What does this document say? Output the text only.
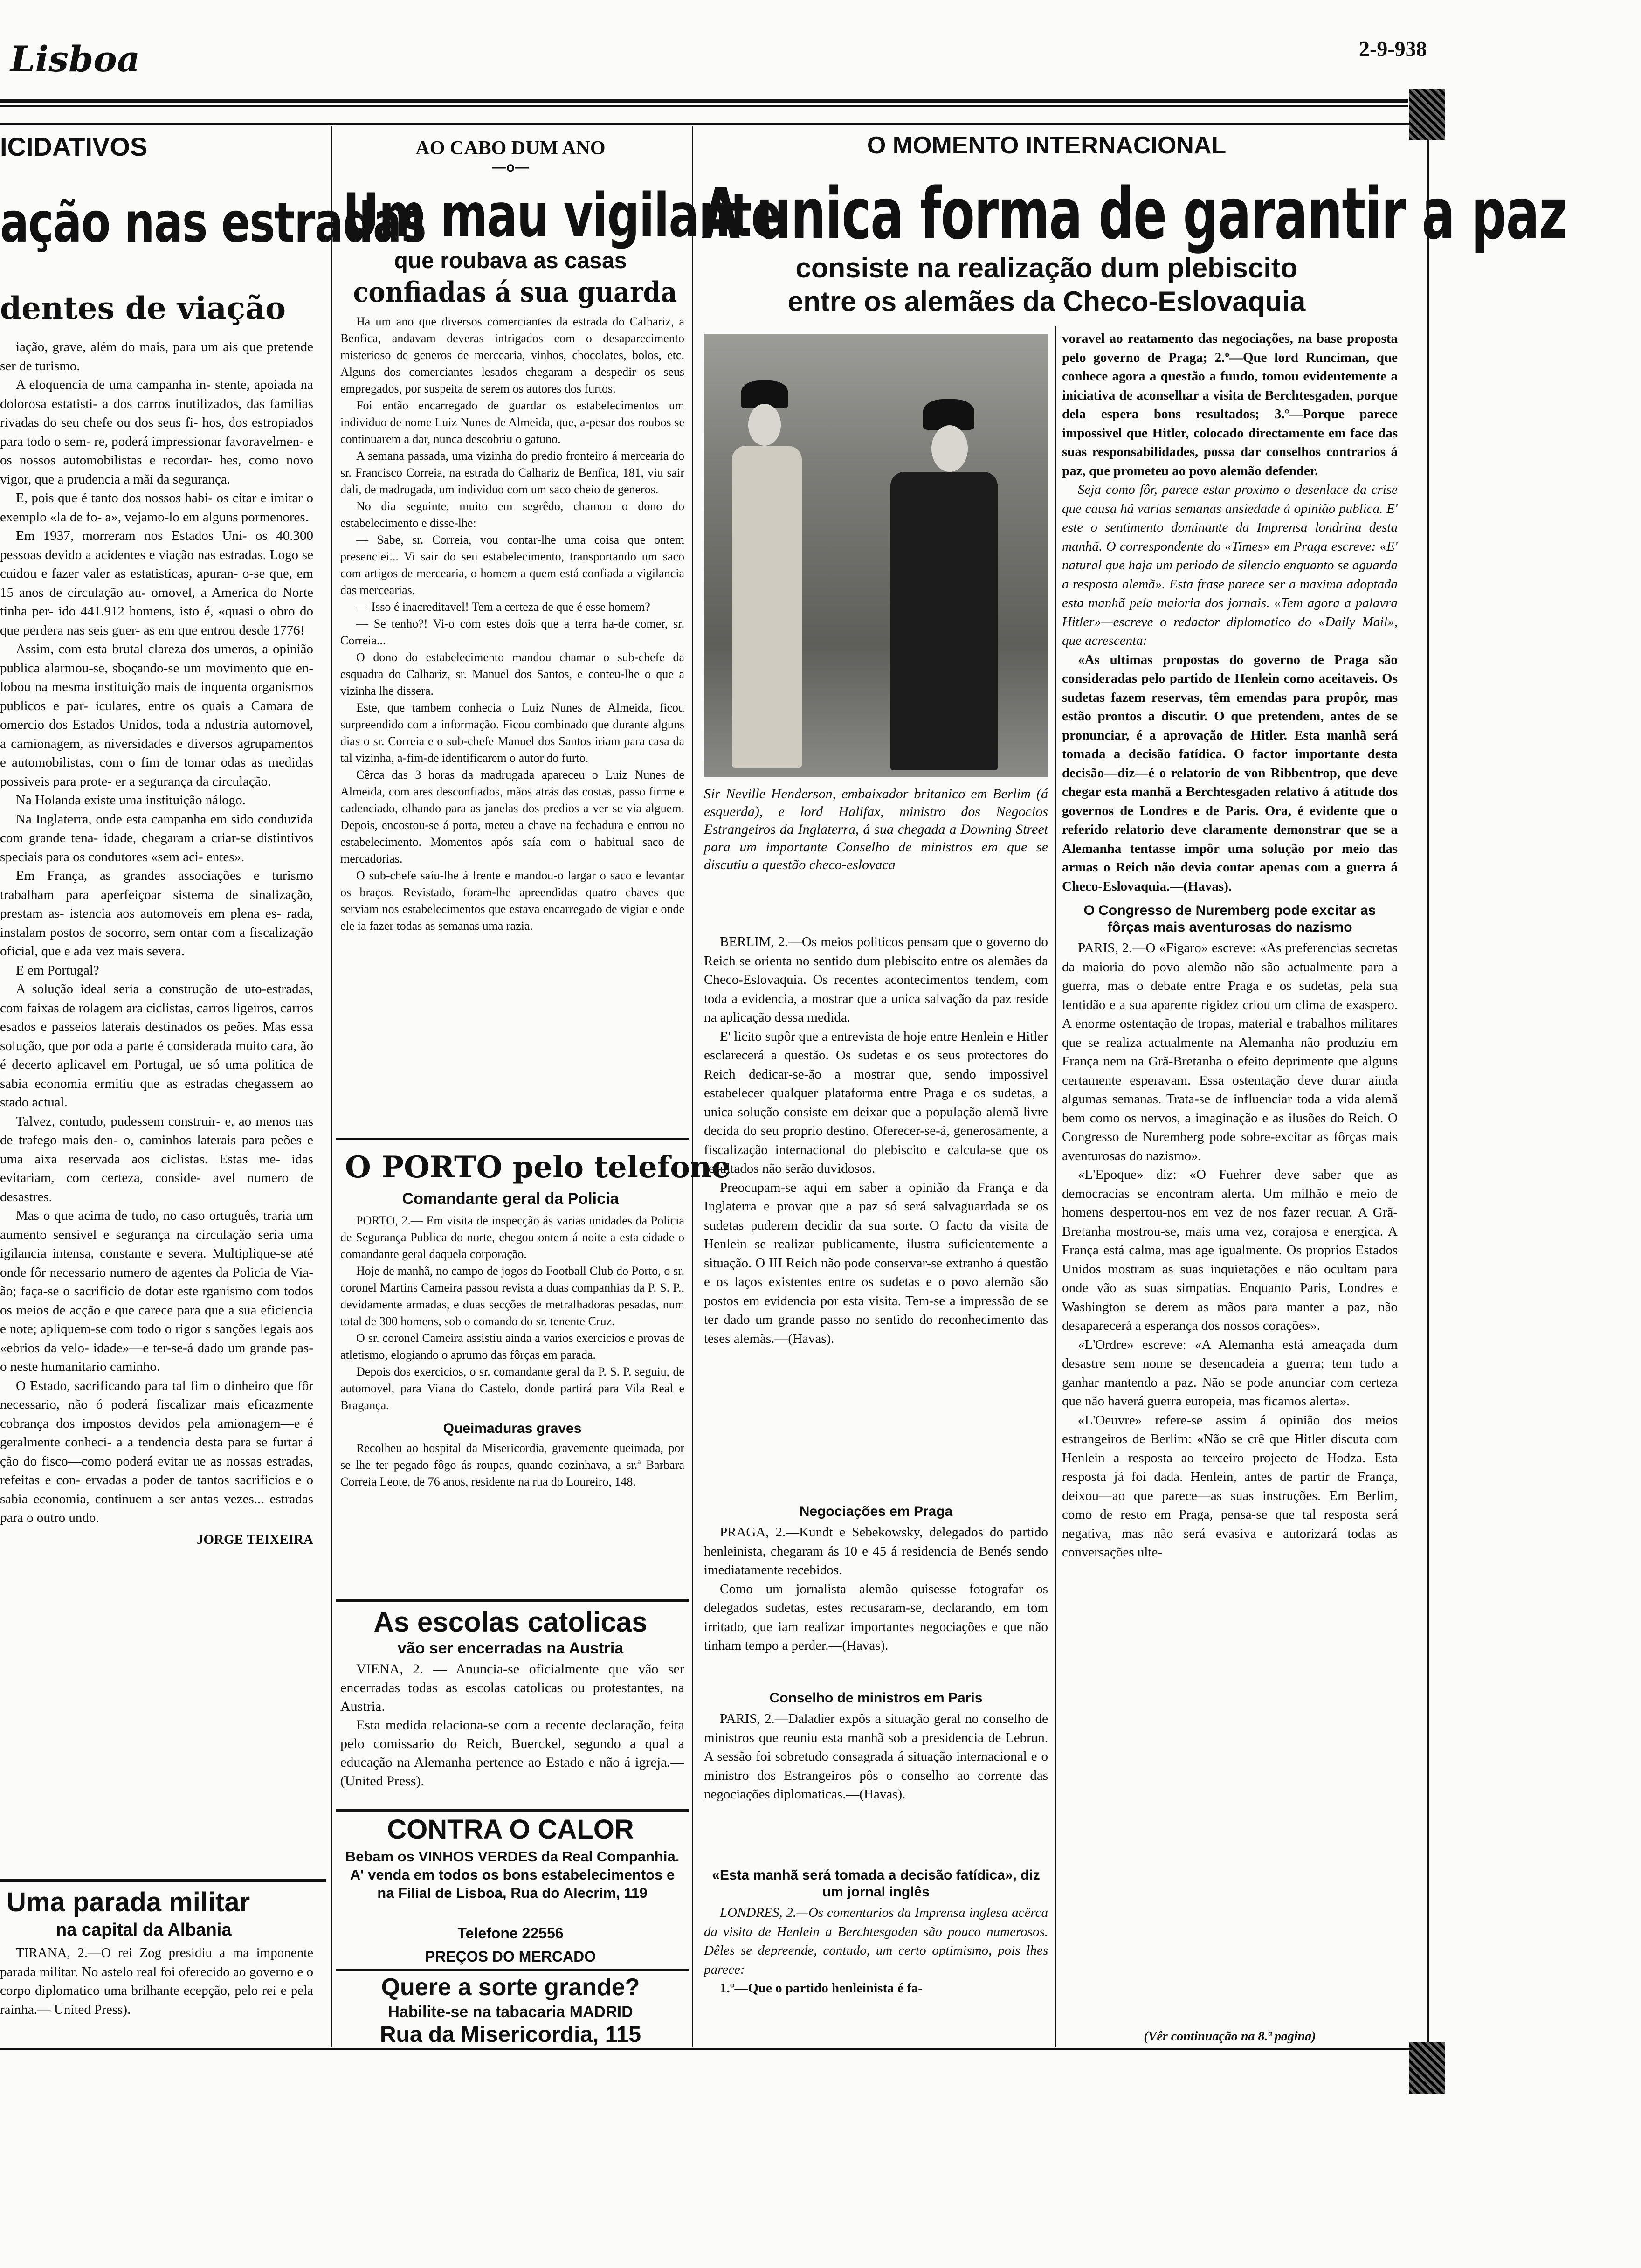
Lisboa	2-9-938
ICIDATIVOS
ação nas estradas
dentes de viação

iação, grave, além do mais, para um ais que pretende ser de turismo.

A eloquencia de uma campanha in- stente, apoiada na dolorosa estatisti- a dos carros inutilizados, das familias rivadas do seu chefe ou dos seus fi- hos, dos estropiados para todo o sem- re, poderá impressionar favoravelmen- e os nossos automobilistas e recordar- hes, como novo vigor, que a prudencia a mãi da segurança.

E, pois que é tanto dos nossos habi- os citar e imitar o exemplo «la de fo- a», vejamo-lo em alguns pormenores.

Em 1937, morreram nos Estados Uni- os 40.300 pessoas devido a acidentes e viação nas estradas. Logo se cuidou e fazer valer as estatisticas, apuran- o-se que, em 15 anos de circulação au- omovel, a America do Norte tinha per- ido 441.912 homens, isto é, «quasi o obro do que perdera nas seis guer- as em que entrou desde 1776!

Assim, com esta brutal clareza dos umeros, a opinião publica alarmou-se, sboçando-se um movimento que en- lobou na mesma instituição mais de inquenta organismos publicos e par- iculares, entre os quais a Camara de omercio dos Estados Unidos, toda a ndustria automovel, a camionagem, as niversidades e diversos agrupamentos e automobilistas, com o fim de tomar odas as medidas possiveis para prote- er a segurança da circulação.

Na Holanda existe uma instituição nálogo.

Na Inglaterra, onde esta campanha em sido conduzida com grande tena- idade, chegaram a criar-se distintivos speciais para os condutores «sem aci- entes».

Em França, as grandes associações e turismo trabalham para aperfeiçoar sistema de sinalização, prestam as- istencia aos automoveis em plena es- rada, instalam postos de socorro, sem ontar com a fiscalização oficial, que e ada vez mais severa.

E em Portugal?

A solução ideal seria a construção de uto-estradas, com faixas de rolagem ara ciclistas, carros ligeiros, carros esados e passeios laterais destinados os peões. Mas essa solução, que por oda a parte é considerada muito cara, ão é decerto aplicavel em Portugal, ue só uma politica de sabia economia ermitiu que as estradas chegassem ao stado actual.

Talvez, contudo, pudessem construir- e, ao menos nas de trafego mais den- o, caminhos laterais para peões e uma aixa reservada aos ciclistas. Estas me- idas evitariam, com certeza, conside- avel numero de desastres.

Mas o que acima de tudo, no caso ortuguês, traria um aumento sensivel e segurança na circulação seria uma igilancia intensa, constante e severa. Multiplique-se até onde fôr necessario numero de agentes da Policia de Via- ão; faça-se o sacrificio de dotar este rganismo com todos os meios de acção e que carece para que a sua eficiencia e note; apliquem-se com todo o rigor s sanções legais aos «ebrios da velo- idade»—e ter-se-á dado um grande pas- o neste humanitario caminho.

O Estado, sacrificando para tal fim o dinheiro que fôr necessario, não ó poderá fiscalizar mais eficazmente cobrança dos impostos devidos pela amionagem—e é geralmente conheci- a a tendencia desta para se furtar á ção do fisco—como poderá evitar ue as nossas estradas, refeitas e con- ervadas a poder de tantos sacrificios e o sabia economia, continuem a ser antas vezes... estradas para o outro undo.

JORGE TEIXEIRA

Uma parada militar
na capital da Albania

TIRANA, 2.—O rei Zog presidiu a ma imponente parada militar. No astelo real foi oferecido ao governo e o corpo diplomatico uma brilhante ecepção, pelo rei e pela rainha.— United Press).

AO CABO DUM ANO
—o—
Um mau vigilante
que roubava as casas
confiadas á sua guarda

Ha um ano que diversos comerciantes da estrada do Calhariz, a Benfica, andavam deveras intrigados com o desaparecimento misterioso de generos de mercearia, vinhos, chocolates, bolos, etc. Alguns dos comerciantes lesados chegaram a despedir os seus empregados, por suspeita de serem os autores dos furtos.

Foi então encarregado de guardar os estabelecimentos um individuo de nome Luiz Nunes de Almeida, que, a-pesar dos roubos se continuarem a dar, nunca descobriu o gatuno.

A semana passada, uma vizinha do predio fronteiro á mercearia do sr. Francisco Correia, na estrada do Calhariz de Benfica, 181, viu sair dali, de madrugada, um individuo com um saco cheio de generos.

No dia seguinte, muito em segrêdo, chamou o dono do estabelecimento e disse-lhe:

— Sabe, sr. Correia, vou contar-lhe uma coisa que ontem presenciei... Vi sair do seu estabelecimento, transportando um saco com artigos de mercearia, o homem a quem está confiada a vigilancia das mercearias.

— Isso é inacreditavel! Tem a certeza de que é esse homem?

— Se tenho?! Vi-o com estes dois que a terra ha-de comer, sr. Correia...

O dono do estabelecimento mandou chamar o sub-chefe da esquadra do Calhariz, sr. Manuel dos Santos, e conteu-lhe o que a vizinha lhe dissera.

Este, que tambem conhecia o Luiz Nunes de Almeida, ficou surpreendido com a informação. Ficou combinado que durante alguns dias o sr. Correia e o sub-chefe Manuel dos Santos iriam para casa da tal vizinha, a-fim-de identificarem o autor do furto.

Cêrca das 3 horas da madrugada apareceu o Luiz Nunes de Almeida, com ares desconfiados, mãos atrás das costas, passo firme e cadenciado, olhando para as janelas dos predios a ver se via alguem. Depois, encostou-se á porta, meteu a chave na fechadura e entrou no estabelecimento. Momentos após saía com o habitual saco de mercadorias.

O sub-chefe saíu-lhe á frente e mandou-o largar o saco e levantar os braços. Revistado, foram-lhe apreendidas quatro chaves que serviam nos estabelecimentos que estava encarregado de vigiar e onde ele ia fazer todas as semanas uma razia.

O PORTO pelo telefone
Comandante geral da Policia

PORTO, 2.— Em visita de inspecção ás varias unidades da Policia de Segurança Publica do norte, chegou ontem á noite a esta cidade o comandante geral daquela corporação.

Hoje de manhã, no campo de jogos do Football Club do Porto, o sr. coronel Martins Cameira passou revista a duas companhias da P. S. P., devidamente armadas, e duas secções de metralhadoras pesadas, num total de 300 homens, sob o comando do sr. tenente Cruz.

O sr. coronel Cameira assistiu ainda a varios exercicios e provas de atletismo, elogiando o aprumo das fôrças em parada.

Depois dos exercicios, o sr. comandante geral da P. S. P. seguiu, de automovel, para Viana do Castelo, donde partirá para Vila Real e Bragança.

Queimaduras graves

Recolheu ao hospital da Misericordia, gravemente queimada, por se lhe ter pegado fôgo ás roupas, quando cozinhava, a sr.ª Barbara Correia Leote, de 76 anos, residente na rua do Loureiro, 148.

As escolas catolicas
vão ser encerradas na Austria

VIENA, 2. — Anuncia-se oficialmente que vão ser encerradas todas as escolas catolicas ou protestantes, na Austria.

Esta medida relaciona-se com a recente declaração, feita pelo comissario do Reich, Buerckel, segundo a qual a educação na Alemanha pertence ao Estado e não á igreja.—(United Press).

CONTRA O CALOR
Bebam os VINHOS VERDES da Real Companhia. A' venda em todos os bons estabelecimentos e na Filial de Lisboa, Rua do Alecrim, 119
Telefone 22556
PREÇOS DO MERCADO
Quere a sorte grande?
Habilite-se na tabacaria MADRID
Rua da Misericordia, 115
O MOMENTO INTERNACIONAL
A unica forma de garantir a paz
consiste na realização dum plebiscito
entre os alemães da Checo-Eslovaquia
Sir Neville Henderson, embaixador britanico em Berlim (á esquerda), e lord Halifax, ministro dos Negocios Estrangeiros da Inglaterra, á sua chegada a Downing Street para um importante Conselho de ministros em que se discutiu a questão checo-eslovaca

BERLIM, 2.—Os meios politicos pensam que o governo do Reich se orienta no sentido dum plebiscito entre os alemães da Checo-Eslovaquia. Os recentes acontecimentos tendem, com toda a evidencia, a mostrar que a unica salvação da paz reside na aplicação dessa medida.

E' licito supôr que a entrevista de hoje entre Henlein e Hitler esclarecerá a questão. Os sudetas e os seus protectores do Reich dedicar-se-ão a mostrar que, sendo impossivel estabelecer qualquer plataforma entre Praga e os sudetas, a unica solução consiste em deixar que a população alemã livre decida do seu proprio destino. Oferecer-se-á, generosamente, a fiscalização internacional do plebiscito e calcula-se que os resultados não serão duvidosos.

Preocupam-se aqui em saber a opinião da França e da Inglaterra e provar que a paz só será salvaguardada se os sudetas puderem decidir da sua sorte. O facto da visita de Henlein se realizar publicamente, ilustra suficientemente a situação. O III Reich não pode conservar-se extranho á questão e os laços existentes entre os sudetas e o povo alemão são postos em evidencia por esta visita. Tem-se a impressão de se ter dado um grande passo no sentido do reconhecimento das teses alemãs.—(Havas).

Negociações em Praga

PRAGA, 2.—Kundt e Sebekowsky, delegados do partido henleinista, chegaram ás 10 e 45 á residencia de Benés sendo imediatamente recebidos.

Como um jornalista alemão quisesse fotografar os delegados sudetas, estes recusaram-se, declarando, em tom irritado, que iam realizar importantes negociações e que não tinham tempo a perder.—(Havas).

Conselho de ministros em Paris

PARIS, 2.—Daladier expôs a situação geral no conselho de ministros que reuniu esta manhã sob a presidencia de Lebrun. A sessão foi sobretudo consagrada á situação internacional e o ministro dos Estrangeiros pôs o conselho ao corrente das negociações diplomaticas.—(Havas).

«Esta manhã será tomada a decisão fatídica», diz um jornal inglês

LONDRES, 2.—Os comentarios da Imprensa inglesa acêrca da visita de Henlein a Berchtesgaden são pouco numerosos. Dêles se depreende, contudo, um certo optimismo, pois lhes parece:

1.º—Que o partido henleinista é fa-

voravel ao reatamento das negociações, na base proposta pelo governo de Praga; 2.º—Que lord Runciman, que conhece agora a questão a fundo, tomou evidentemente a iniciativa de aconselhar a visita de Berchtesgaden, porque dela espera bons resultados; 3.º—Porque parece impossivel que Hitler, colocado directamente em face das suas responsabilidades, possa dar conselhos contrarios á paz, que prometeu ao povo alemão defender.

Seja como fôr, parece estar proximo o desenlace da crise que causa há varias semanas ansiedade á opinião publica. E' este o sentimento dominante da Imprensa londrina desta manhã. O correspondente do «Times» em Praga escreve: «E' natural que haja um periodo de silencio enquanto se aguarda a resposta alemã». Esta frase parece ser a maxima adoptada esta manhã pela maioria dos jornais. «Tem agora a palavra Hitler»—escreve o redactor diplomatico do «Daily Mail», que acrescenta:

«As ultimas propostas do governo de Praga são consideradas pelo partido de Henlein como aceitaveis. Os sudetas fazem reservas, têm emendas para propôr, mas estão prontos a discutir. O que pretendem, antes de se pronunciar, é a aprovação de Hitler. Esta manhã será tomada a decisão fatídica. O factor importante desta decisão—diz—é o relatorio de von Ribbentrop, que deve chegar esta manhã a Berchtesgaden relativo á atitude dos governos de Londres e de Paris. Ora, é evidente que o referido relatorio deve claramente demonstrar que se a Alemanha tentasse impôr uma solução por meio das armas o Reich não devia contar apenas com a guerra á Checo-Eslovaquia.—(Havas).

O Congresso de Nuremberg pode excitar as fôrças mais aventurosas do nazismo

PARIS, 2.—O «Figaro» escreve: «As preferencias secretas da maioria do povo alemão não são actualmente para a guerra, mas o debate entre Praga e os sudetas, pela sua lentidão e a sua aparente rigidez criou um clima de exaspero. A enorme ostentação de tropas, material e trabalhos militares que se realiza actualmente na Alemanha não produziu em França nem na Grã-Bretanha o efeito deprimente que alguns certamente esperavam. Essa ostentação deve durar ainda algumas semanas. Trata-se de influenciar toda a vida alemã bem como os nervos, a imaginação e as ilusões do Reich. O Congresso de Nuremberg pode sobre-excitar as fôrças mais aventurosas do nazismo».

«L'Epoque» diz: «O Fuehrer deve saber que as democracias se encontram alerta. Um milhão e meio de homens despertou-nos em vez de nos fazer recuar. A Grã-Bretanha mostrou-se, mais uma vez, corajosa e energica. A França está calma, mas age igualmente. Os proprios Estados Unidos mostram as suas inquietações e não ocultam para onde vão as suas simpatias. Enquanto Paris, Londres e Washington se derem as mãos para manter a paz, não desaparecerá a esperança dos nossos corações».

«L'Ordre» escreve: «A Alemanha está ameaçada dum desastre sem nome se desencadeia a guerra; tem tudo a ganhar mantendo a paz. Não se pode anunciar com certeza que não haverá guerra europeia, mas ficamos alerta».

«L'Oeuvre» refere-se assim á opinião dos meios estrangeiros de Berlim: «Não se crê que Hitler discuta com Henlein a resposta ao terceiro projecto de Hodza. Esta resposta já foi dada. Henlein, antes de partir de França, deixou—ao que parece—as suas instruções. Em Berlim, como de resto em Praga, pensa-se que tal resposta será negativa, mas não será evasiva e autorizará todas as conversações ulte-

(Vêr continuação na 8.ª pagina)
